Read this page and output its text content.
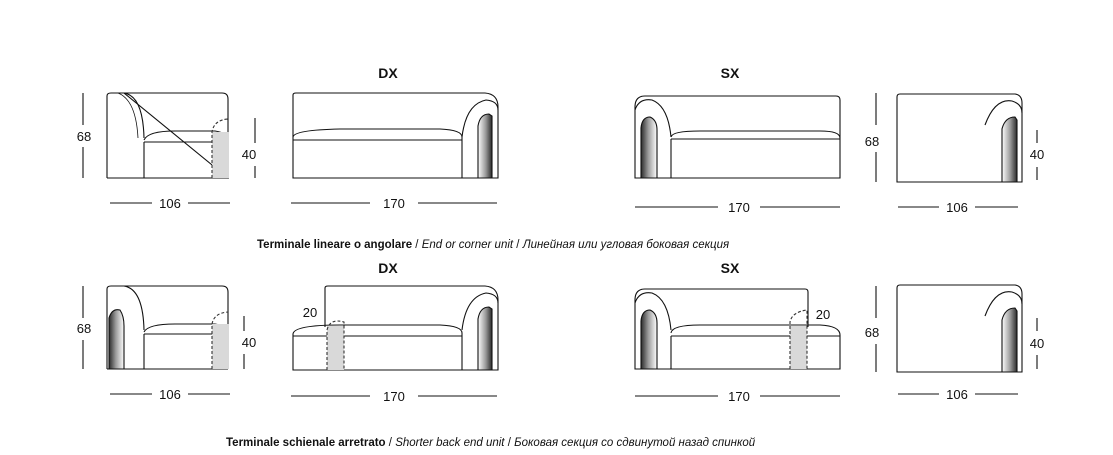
DX	SX
68
40
106	170	170
68
106
40
Terminale lineare o angolare / End or corner unit / Линейная или угловая боковая секция
DX	SX
68
40
106
20
170
20
170
68
106
40
Terminale schienale arretrato / Shorter back end unit / Боковая секция со сдвинутой назад спинкой
